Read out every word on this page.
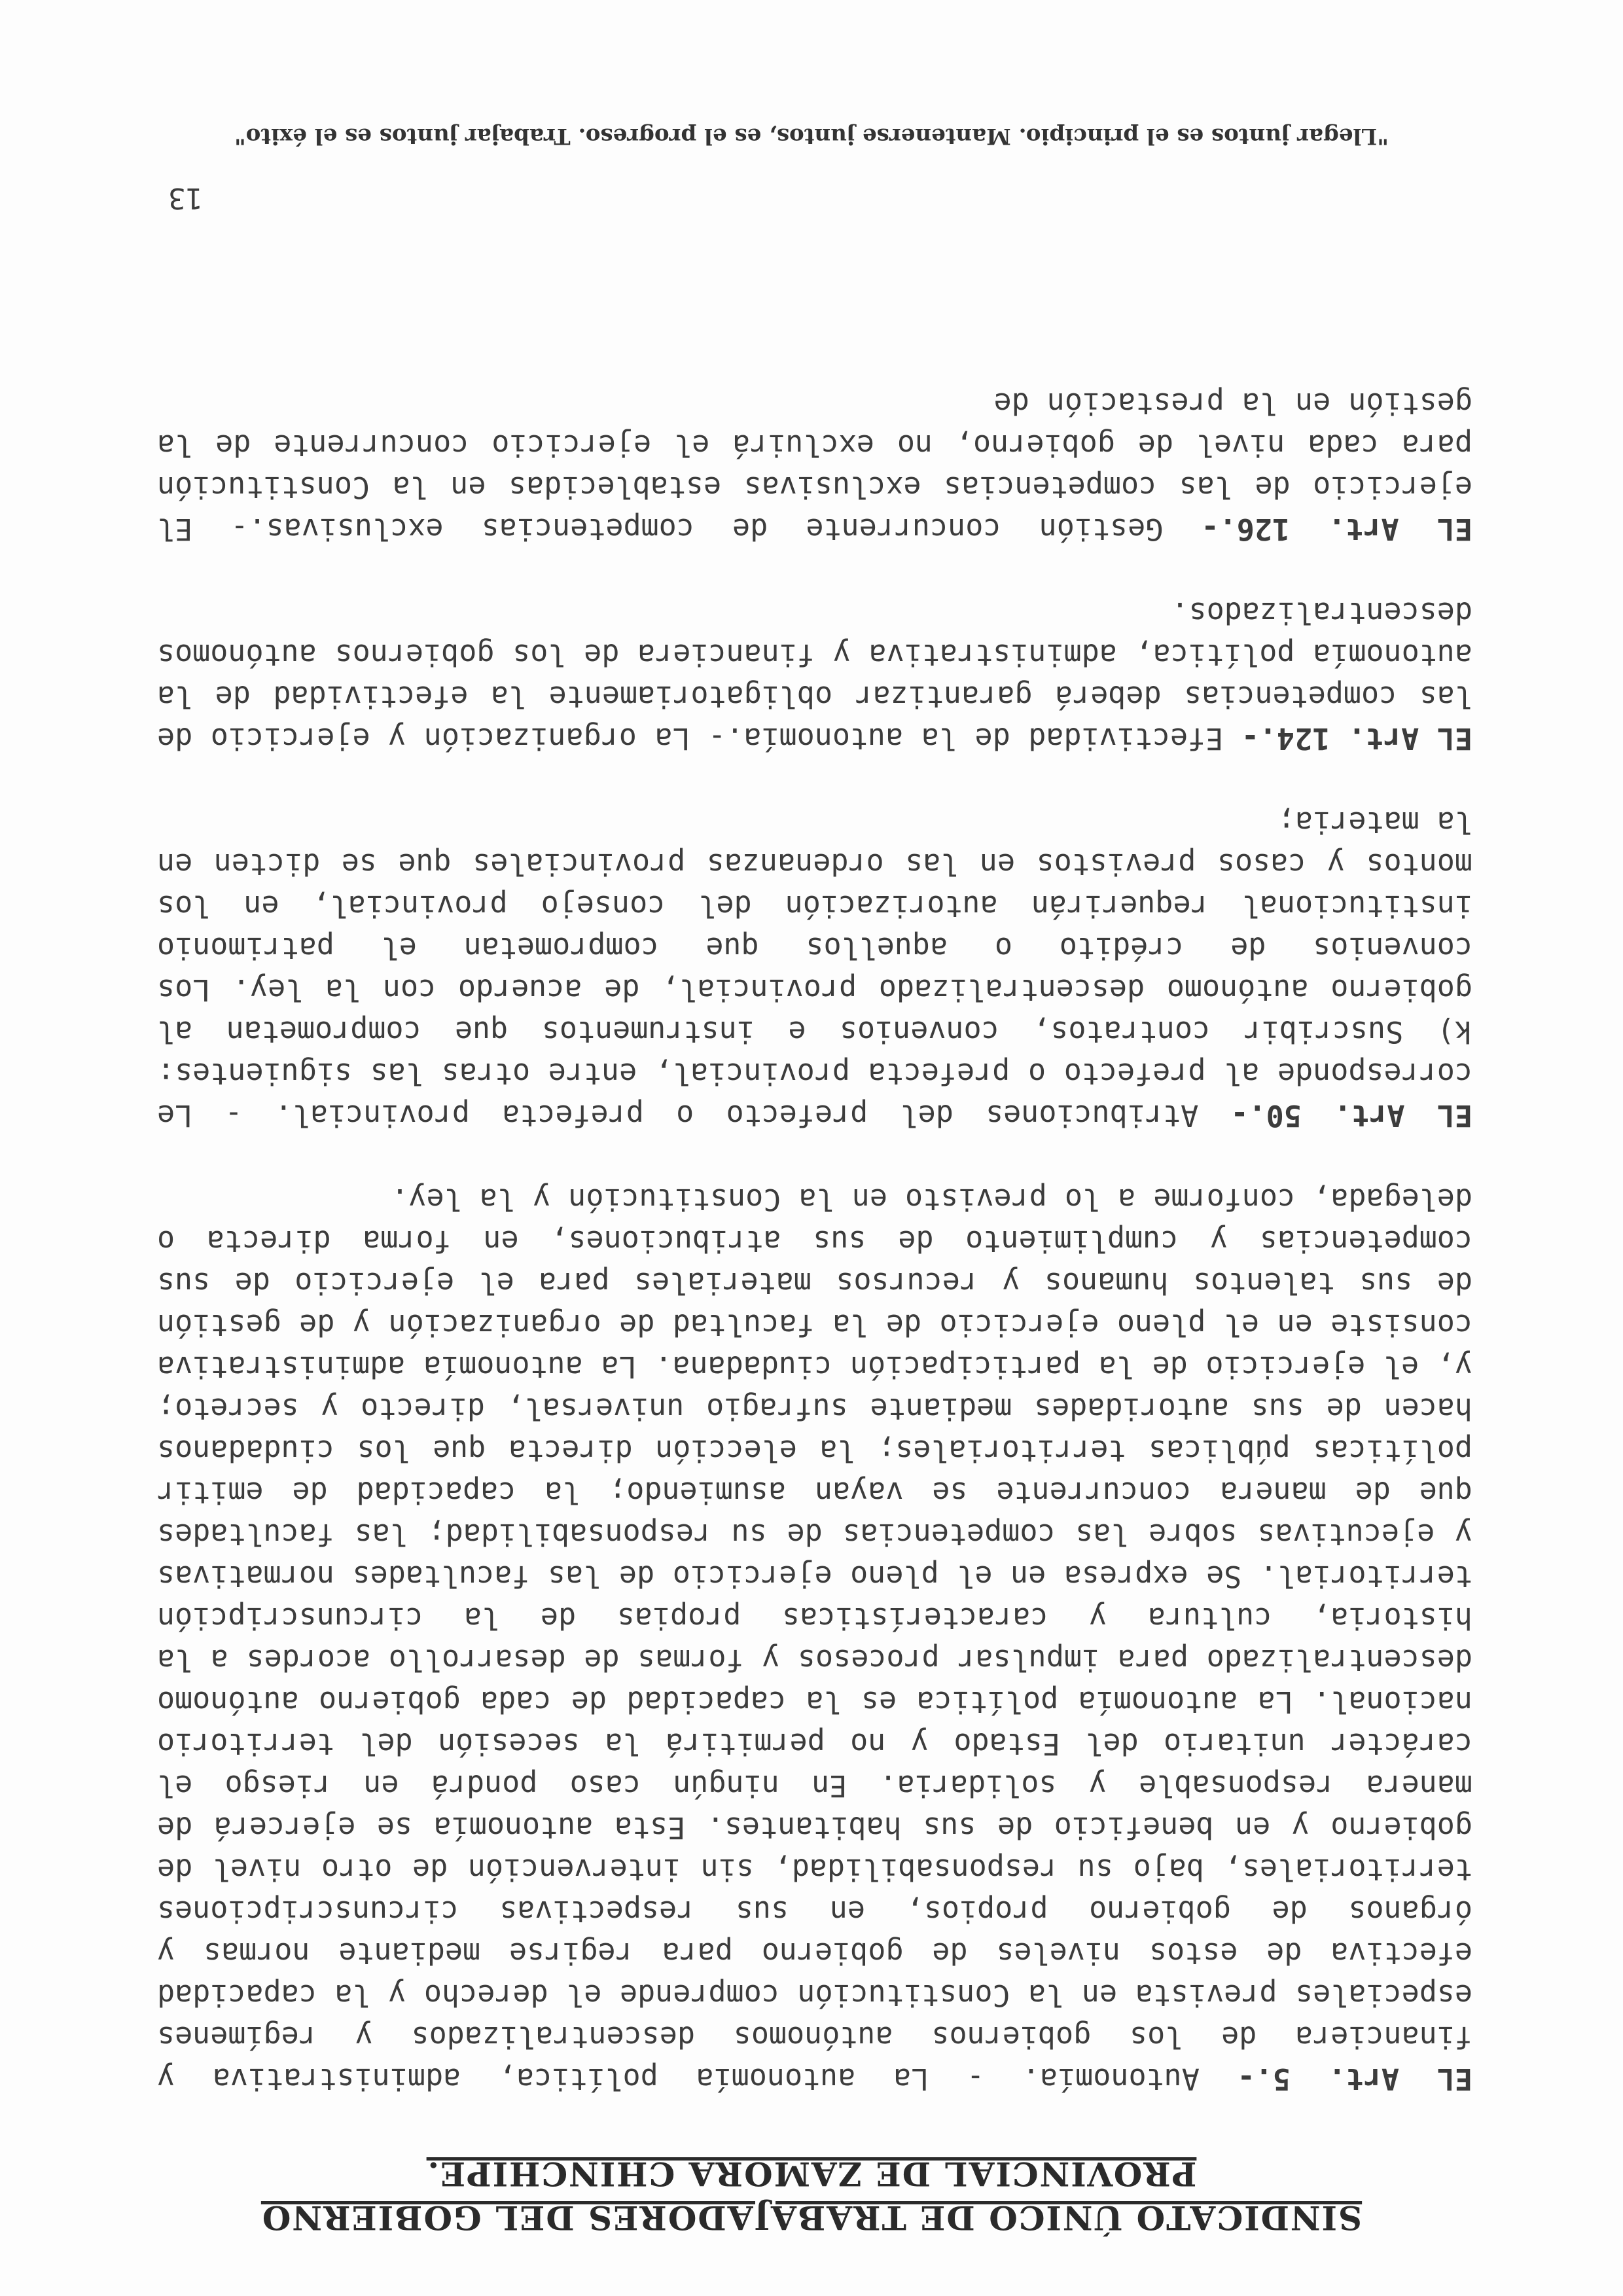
SINDICATO ÚNICO DE TRABAJADORES DEL GOBIERNO
PROVINCIAL DE ZAMORA CHINCHIPE.

EL Art. 5.- Autonomía. - La autonomía política, administrativa y financiera de los gobiernos autónomos descentralizados y regímenes especiales prevista en la Constitución comprende el derecho y la capacidad efectiva de estos niveles de gobierno para regirse mediante normas y órganos de gobierno propios, en sus respectivas circunscripciones territoriales, bajo su responsabilidad, sin intervención de otro nivel de gobierno y en beneficio de sus habitantes. Esta autonomía se ejercerá de manera responsable y solidaria. En ningún caso pondrá en riesgo el carácter unitario del Estado y no permitirá la secesión del territorio nacional. La autonomía política es la capacidad de cada gobierno autónomo descentralizado para impulsar procesos y formas de desarrollo acordes a la historia, cultura y características propias de la circunscripción territorial. Se expresa en el pleno ejercicio de las facultades normativas y ejecutivas sobre las competencias de su responsabilidad; las facultades que de manera concurrente se vayan asumiendo; la capacidad de emitir políticas públicas territoriales; la elección directa que los ciudadanos hacen de sus autoridades mediante sufragio universal, directo y secreto; y, el ejercicio de la participación ciudadana. La autonomía administrativa consiste en el pleno ejercicio de la facultad de organización y de gestión de sus talentos humanos y recursos materiales para el ejercicio de sus competencias y cumplimiento de sus atribuciones, en forma directa o delegada, conforme a lo previsto en la Constitución y la ley.

EL Art. 50.- Atribuciones del prefecto o prefecta provincial. - Le corresponde al prefecto o prefecta provincial, entre otras las siguientes: k) Suscribir contratos, convenios e instrumentos que comprometan al gobierno autónomo descentralizado provincial, de acuerdo con la ley. Los convenios de crédito o aquellos que comprometan el patrimonio institucional requerirán autorización del consejo provincial, en los montos y casos previstos en las ordenanzas provinciales que se dicten en la materia;

EL Art. 124.- Efectividad de la autonomía.- La organización y ejercicio de las competencias deberá garantizar obligatoriamente la efectividad de la autonomía política, administrativa y financiera de los gobiernos autónomos descentralizados.

EL Art. 126.- Gestión concurrente de competencias exclusivas.- El ejercicio de las competencias exclusivas establecidas en la Constitución para cada nivel de gobierno, no excluirá el ejercicio concurrente de la gestión en la prestación de

13
"Llegar juntos es el principio. Mantenerse juntos, es el progreso. Trabajar juntos es el éxito"
